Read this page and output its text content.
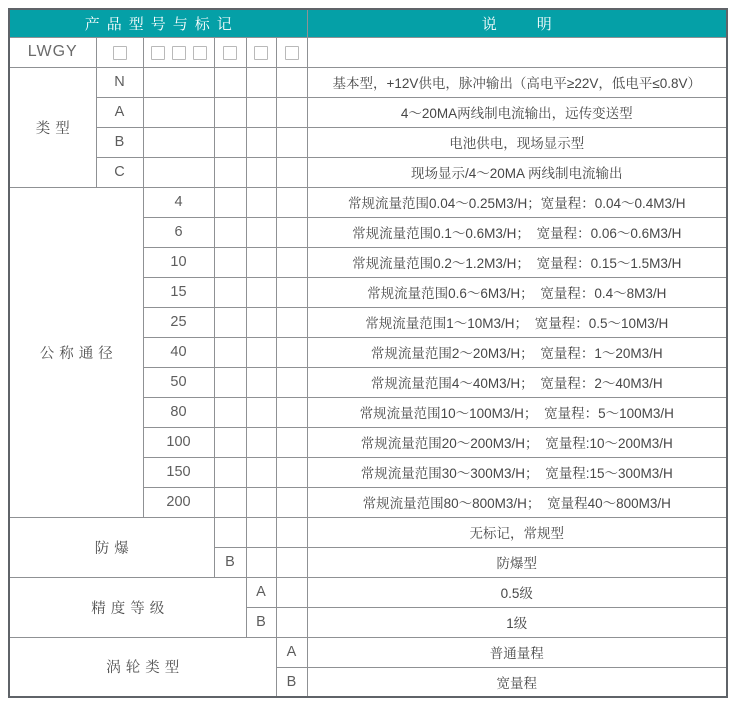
产品型号与标记						说明
LWGY						
类型	N					基本型，+12V供电，脉冲输出（高电平≥22V，低电平≤0.8V）
	A					4～20MA两线制电流输出，远传变送型
	B					电池供电，现场显示型
	C					现场显示/4～20MA 两线制电流输出
公称通径		4				常规流量范围0.04～0.25M3/H；宽量程：0.04～0.4M3/H
		6				常规流量范围0.1～0.6M3/H；　宽量程：0.06～0.6M3/H
		10				常规流量范围0.2～1.2M3/H；　宽量程：0.15～1.5M3/H
		15				常规流量范围0.6～6M3/H；　宽量程：0.4～8M3/H
		25				常规流量范围1～10M3/H；　宽量程：0.5～10M3/H
		40				常规流量范围2～20M3/H；　宽量程：1～20M3/H
		50				常规流量范围4～40M3/H；　宽量程：2～40M3/H
		80				常规流量范围10～100M3/H；　宽量程：5～100M3/H
		100				常规流量范围20～200M3/H；　宽量程:10～200M3/H
		150				常规流量范围30～300M3/H；　宽量程:15～300M3/H
		200				常规流量范围80～800M3/H；　宽量程40～800M3/H
防爆						无标记，常规型
			B			防爆型
精度等级				A		0.5级
				B		1级
涡轮类型					A	普通量程
					B	宽量程
